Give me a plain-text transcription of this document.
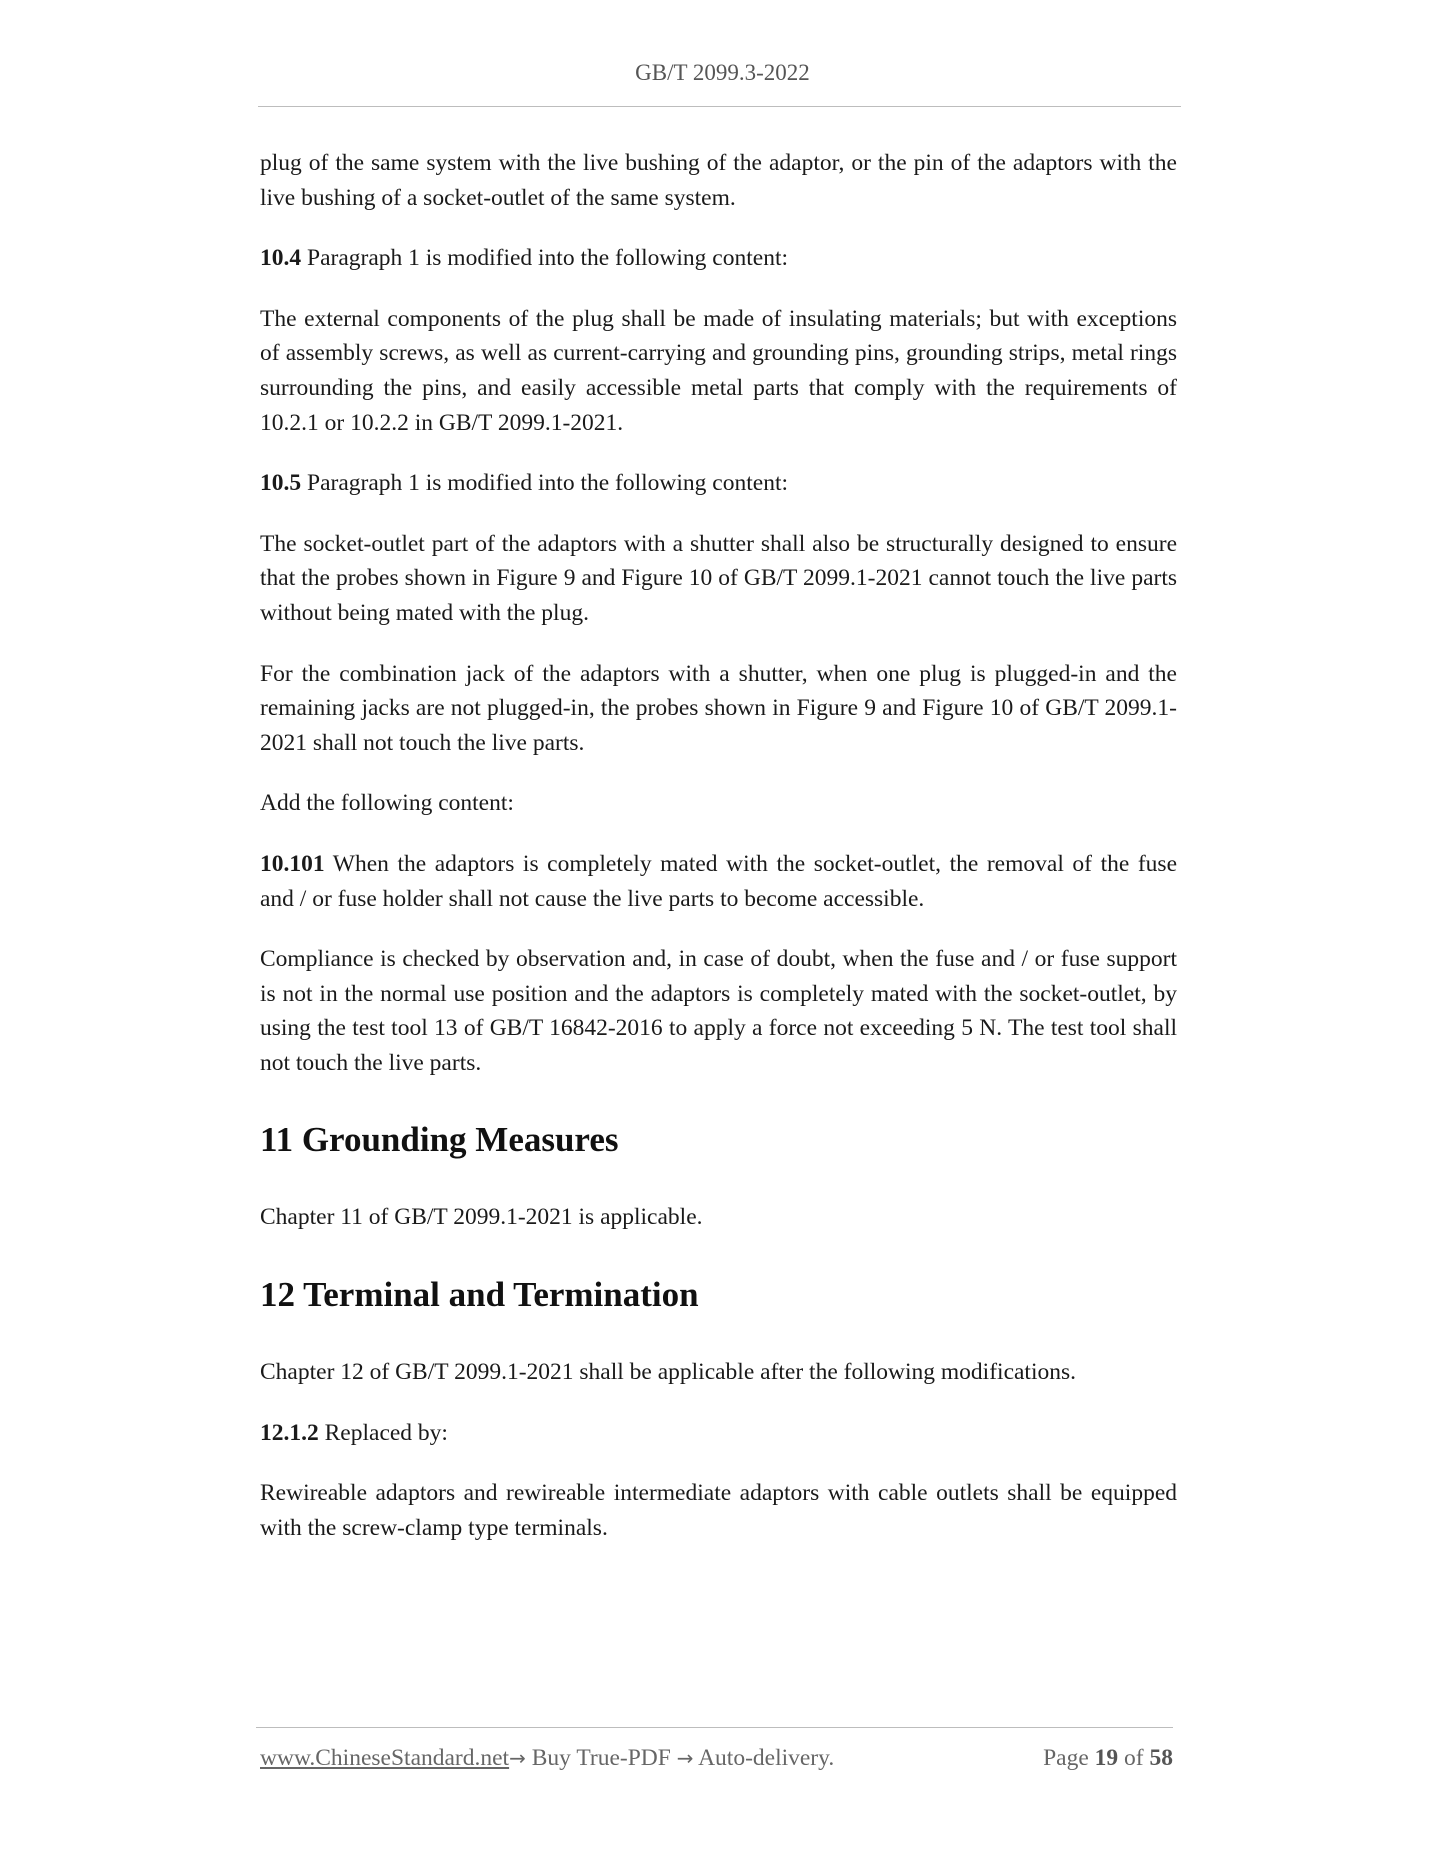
GB/T 2099.3-2022

plug of the same system with the live bushing of the adaptor, or the pin of the adaptors with the live bushing of a socket-outlet of the same system.

10.4 Paragraph 1 is modified into the following content:

The external components of the plug shall be made of insulating materials; but with exceptions of assembly screws, as well as current-carrying and grounding pins, grounding strips, metal rings surrounding the pins, and easily accessible metal parts that comply with the requirements of 10.2.1 or 10.2.2 in GB/T 2099.1-2021.

10.5 Paragraph 1 is modified into the following content:

The socket-outlet part of the adaptors with a shutter shall also be structurally designed to ensure that the probes shown in Figure 9 and Figure 10 of GB/T 2099.1-2021 cannot touch the live parts without being mated with the plug.

For the combination jack of the adaptors with a shutter, when one plug is plugged-in and the remaining jacks are not plugged-in, the probes shown in Figure 9 and Figure 10 of GB/T 2099.1-2021 shall not touch the live parts.

Add the following content:

10.101 When the adaptors is completely mated with the socket-outlet, the removal of the fuse and / or fuse holder shall not cause the live parts to become accessible.

Compliance is checked by observation and, in case of doubt, when the fuse and / or fuse support is not in the normal use position and the adaptors is completely mated with the socket-outlet, by using the test tool 13 of GB/T 16842-2016 to apply a force not exceeding 5 N. The test tool shall not touch the live parts.

11 Grounding Measures

Chapter 11 of GB/T 2099.1-2021 is applicable.

12 Terminal and Termination

Chapter 12 of GB/T 2099.1-2021 shall be applicable after the following modifications.

12.1.2 Replaced by:

Rewireable adaptors and rewireable intermediate adaptors with cable outlets shall be equipped with the screw-clamp type terminals.

www.ChineseStandard.net→ Buy True-PDF → Auto-delivery.	Page 19 of 58
